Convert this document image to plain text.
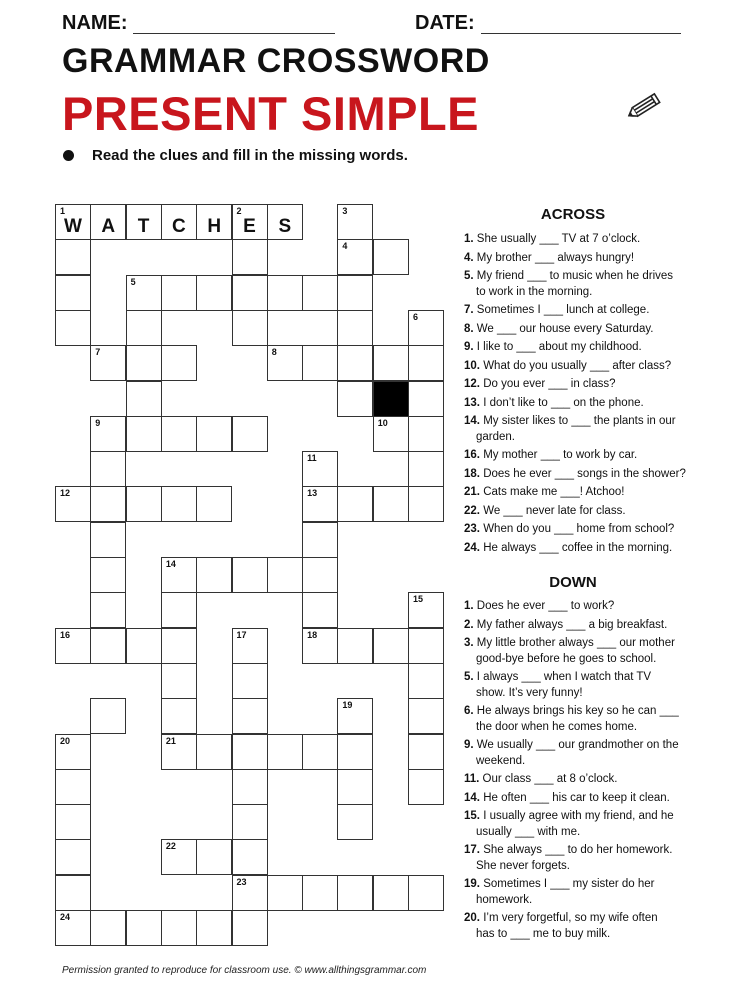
NAME:	DATE:
GRAMMAR CROSSWORD
PRESENT SIMPLE
Read the clues and fill in the missing words.
1	2	3
4
5
6
7	8
9	10
11
12	13
14
15
16	17	18
19
20	21
22
23
24
W	A	T	C	H	E	S
ACROSS
1. She usually ___ TV at 7 o’clock.
4. My brother ___ always hungry!
5. My friend ___ to music when he drives
to work in the morning.
7. Sometimes I ___ lunch at college.
8. We ___ our house every Saturday.
9. I like to ___ about my childhood.
10. What do you usually ___ after class?
12. Do you ever ___ in class?
13. I don’t like to ___ on the phone.
14. My sister likes to ___ the plants in our
garden.
16. My mother ___ to work by car.
18. Does he ever ___ songs in the shower?
21. Cats make me ___! Atchoo!
22. We ___ never late for class.
23. When do you ___ home from school?
24. He always ___ coffee in the morning.
DOWN
1. Does he ever ___ to work?
2. My father always ___ a big breakfast.
3. My little brother always ___ our mother
good-bye before he goes to school.
5. I always ___ when I watch that TV
show. It’s very funny!
6. He always brings his key so he can ___
the door when he comes home.
9. We usually ___ our grandmother on the
weekend.
11. Our class ___ at 8 o’clock.
14. He often ___ his car to keep it clean.
15. I usually agree with my friend, and he
usually ___ with me.
17. She always ___ to do her homework.
She never forgets.
19. Sometimes I ___ my sister do her
homework.
20. I’m very forgetful, so my wife often
has to ___ me to buy milk.
Permission granted to reproduce for classroom use. © www.allthingsgrammar.com
